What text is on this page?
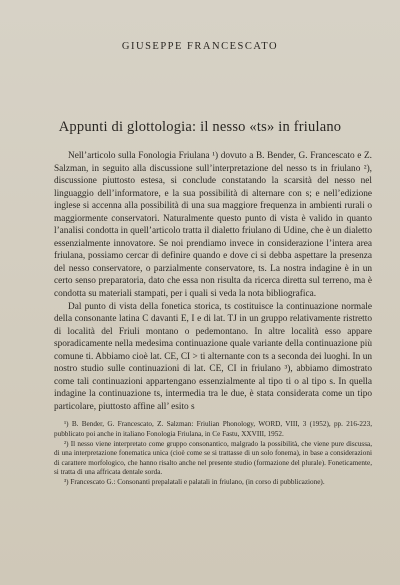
GIUSEPPE FRANCESCATO
Appunti di glottologia: il nesso «ts» in friulano

Nell’articolo sulla Fonologia Friulana ¹) dovuto a B. Bender, G. Francescato e Z. Salzman, in seguito alla discussione sull’interpretazione del nesso ts in friulano ²), discussione piuttosto estesa, si conclude constatando la scarsità del nesso nel linguaggio dell’informatore, e la sua possibilità di alternare con s; e nell’edizione inglese si accenna alla possibilità di una sua maggiore frequenza in ambienti rurali o maggiormente conservatori. Naturalmente questo punto di vista è valido in quanto l’analisi condotta in quell’articolo tratta il dialetto friulano di Udine, che è un dialetto essenzialmente innovatore. Se noi prendiamo invece in considerazione l’intera area friulana, possiamo cercar di definire quando e dove ci si debba aspettare la presenza del nesso conservatore, o parzialmente conservatore, ts. La nostra indagine è in un certo senso preparatoria, dato che essa non risulta da ricerca diretta sul terreno, ma è condotta su materiali stampati, per i quali si veda la nota bibliografica.

Dal punto di vista della fonetica storica, ts costituisce la continuazione normale della consonante latina C davanti E, I e di lat. TJ in un gruppo relativamente ristretto di località del Friuli montano o pedemontano. In altre località esso appare sporadicamente nella medesima continuazione quale variante della continuazione più comune ti. Abbiamo cioè lat. CE, CI > ti alternante con ts a seconda dei luoghi. In un nostro studio sulle continuazioni di lat. CE, CI in friulano ³), abbiamo dimostrato come tali continuazioni appartengano essenzialmente al tipo ti o al tipo s. In quella indagine la continuazione ts, intermedia tra le due, è stata considerata come un tipo particolare, piuttosto affine all’ esito s

¹) B. Bender, G. Francescato, Z. Salzman: Friulian Phonology, WORD, VIII, 3 (1952), pp. 216-223, pubblicato poi anche in italiano Fonologia Friulana, in Ce Fastu, XXVIII, 1952.

²) Il nesso viene interpretato come gruppo consonantico, malgrado la possibilità, che viene pure discussa, di una interpretazione fonematica unica (cioè come se si trattasse di un solo fonema), in base a considerazioni di carattere morfologico, che hanno risalto anche nel presente studio (formazione del plurale). Foneticamente, si tratta di una affricata dentale sorda.

³) Francescato G.: Consonanti prepalatali e palatali in friulano, (in corso di pubblicazione).
